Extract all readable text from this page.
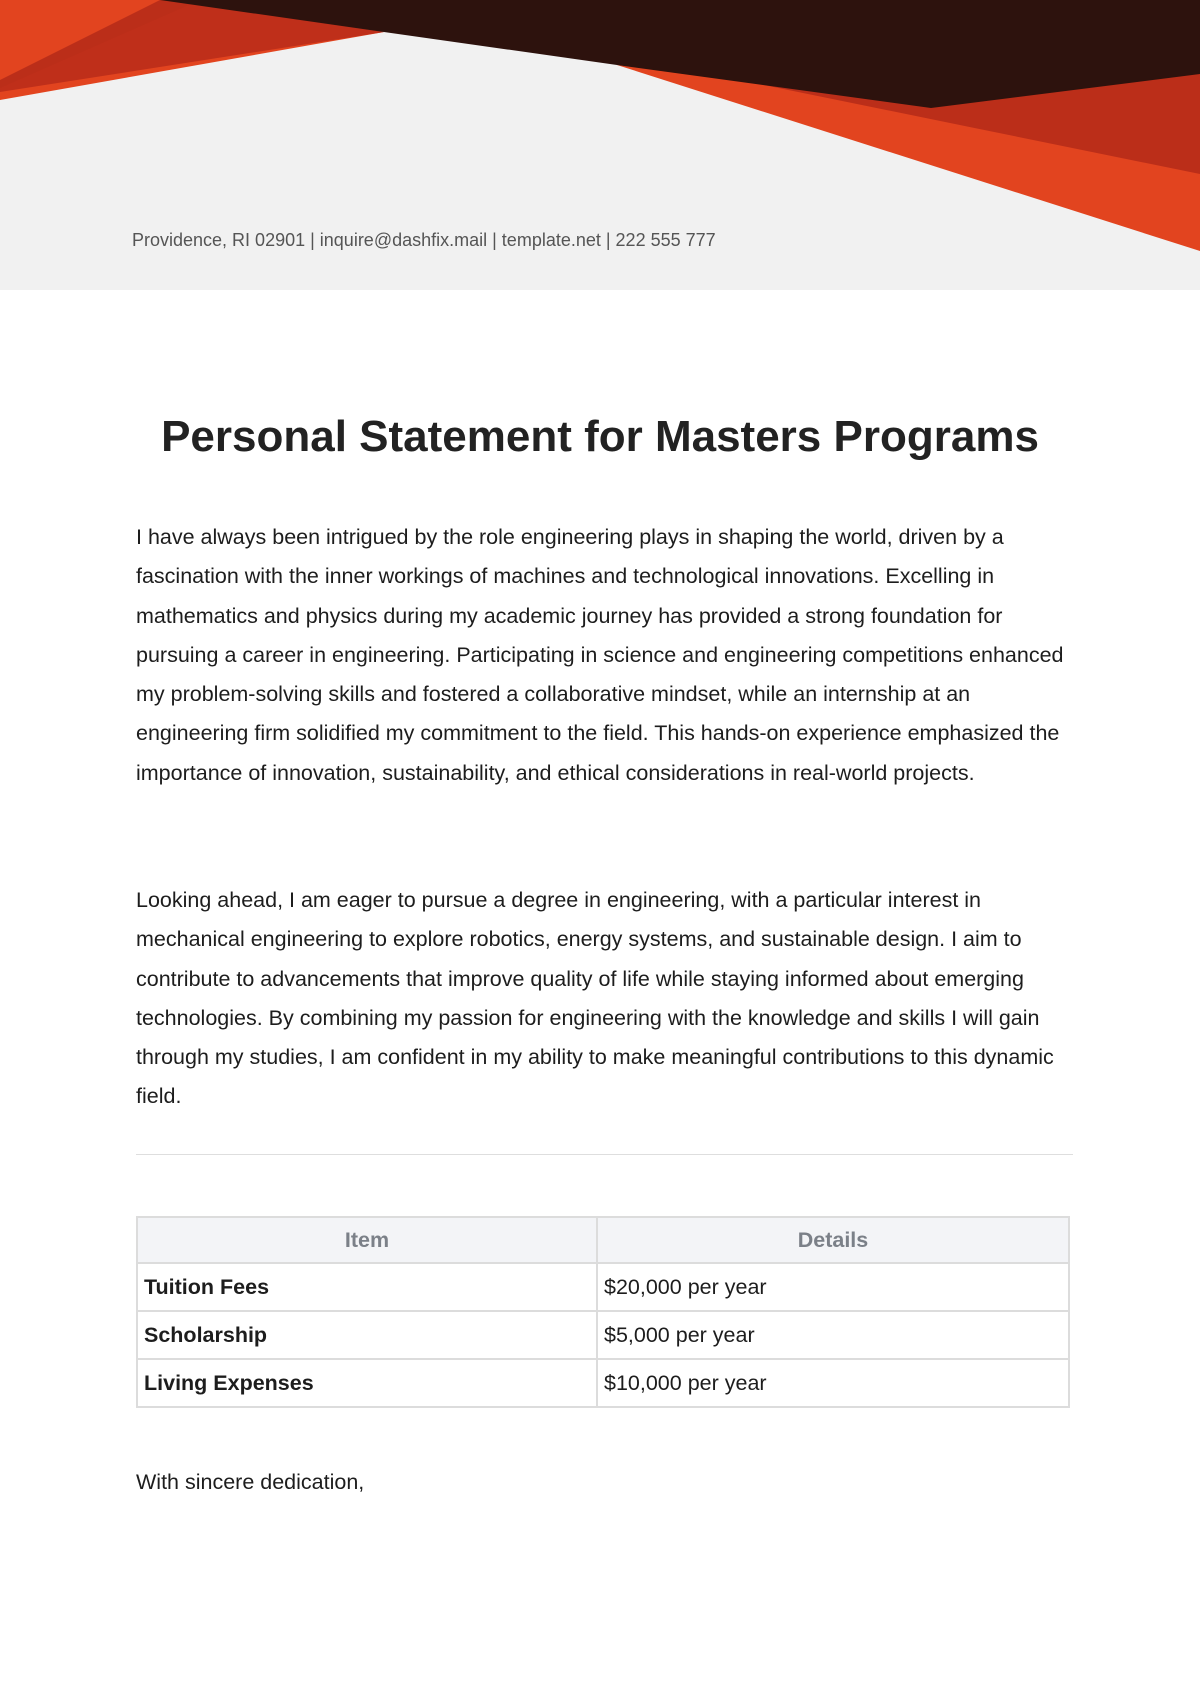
Providence, RI 02901 | inquire@dashfix.mail | template.net | 222 555 777
Personal Statement for Masters Programs

I have always been intrigued by the role engineering plays in shaping the world, driven by a fascination with the inner workings of machines and technological innovations. Excelling in mathematics and physics during my academic journey has provided a strong foundation for pursuing a career in engineering. Participating in science and engineering competitions enhanced my problem-solving skills and fostered a collaborative mindset, while an internship at an engineering firm solidified my commitment to the field. This hands-on experience emphasized the importance of innovation, sustainability, and ethical considerations in real-world projects.

Looking ahead, I am eager to pursue a degree in engineering, with a particular interest in mechanical engineering to explore robotics, energy systems, and sustainable design. I aim to contribute to advancements that improve quality of life while staying informed about emerging technologies. By combining my passion for engineering with the knowledge and skills I will gain through my studies, I am confident in my ability to make meaningful contributions to this dynamic field.

Item	Details
Tuition Fees	$20,000 per year
Scholarship	$5,000 per year
Living Expenses	$10,000 per year

With sincere dedication,
